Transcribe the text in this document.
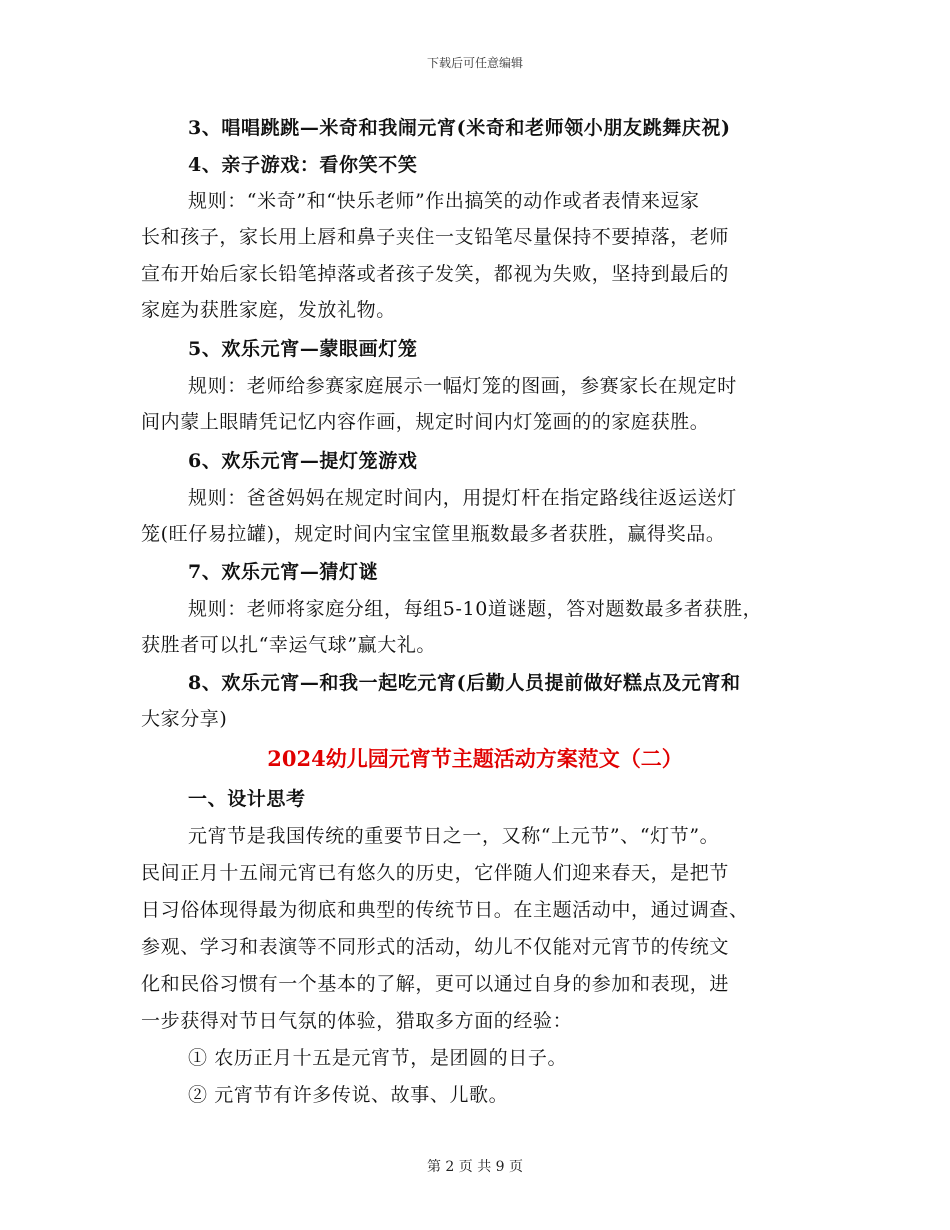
下载后可任意编辑
3、唱唱跳跳—米奇和我闹元宵(米奇和老师领小朋友跳舞庆祝)
4、亲子游戏：看你笑不笑
规则：“米奇”和“快乐老师”作出搞笑的动作或者表情来逗家
长和孩子，家长用上唇和鼻子夹住一支铅笔尽量保持不要掉落，老师
宣布开始后家长铅笔掉落或者孩子发笑，都视为失败，坚持到最后的
家庭为获胜家庭，发放礼物。
5、欢乐元宵—蒙眼画灯笼
规则：老师给参赛家庭展示一幅灯笼的图画，参赛家长在规定时
间内蒙上眼睛凭记忆内容作画，规定时间内灯笼画的的家庭获胜。
6、欢乐元宵—提灯笼游戏
规则：爸爸妈妈在规定时间内，用提灯杆在指定路线往返运送灯
笼(旺仔易拉罐)，规定时间内宝宝筐里瓶数最多者获胜，赢得奖品。
7、欢乐元宵—猜灯谜
规则：老师将家庭分组，每组5-10道谜题，答对题数最多者获胜，
获胜者可以扎“幸运气球”赢大礼。
8、欢乐元宵—和我一起吃元宵(后勤人员提前做好糕点及元宵和
大家分享)
2024幼儿园元宵节主题活动方案范文（二）
一、设计思考
元宵节是我国传统的重要节日之一，又称“上元节”、“灯节”。
民间正月十五闹元宵已有悠久的历史，它伴随人们迎来春天，是把节
日习俗体现得最为彻底和典型的传统节日。在主题活动中，通过调查、
参观、学习和表演等不同形式的活动，幼儿不仅能对元宵节的传统文
化和民俗习惯有一个基本的了解，更可以通过自身的参加和表现，进
一步获得对节日气氛的体验，猎取多方面的经验：
① 农历正月十五是元宵节，是团圆的日子。
② 元宵节有许多传说、故事、儿歌。
第 2 页 共 9 页
